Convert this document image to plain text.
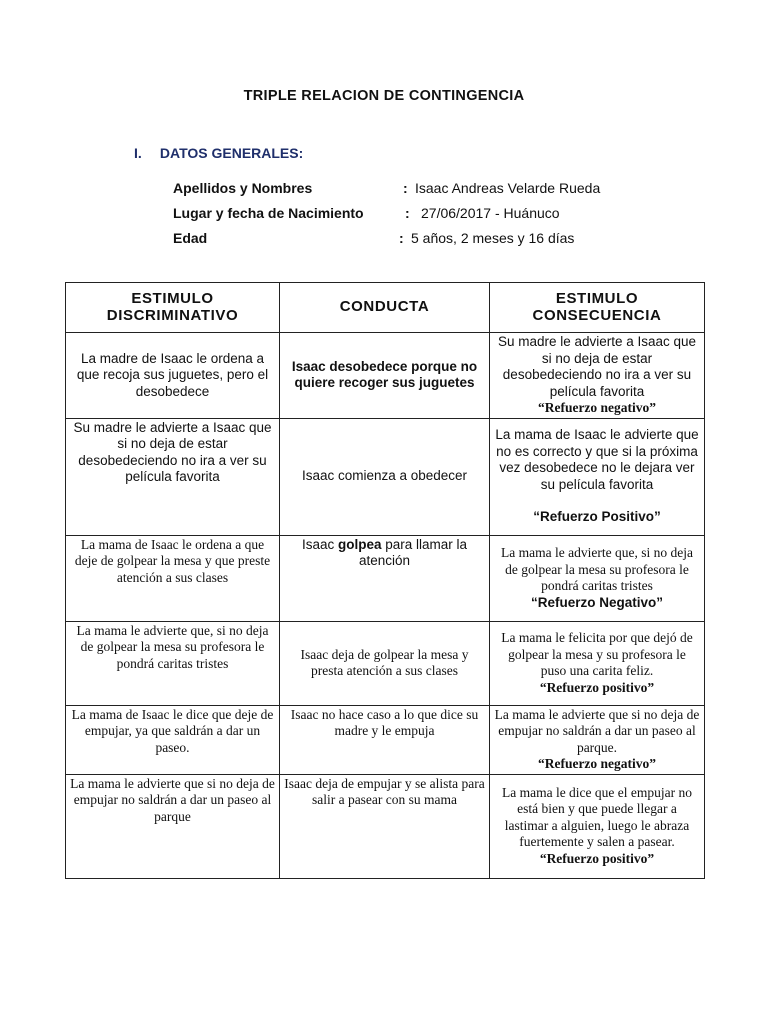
TRIPLE RELACION DE CONTINGENCIA
I. DATOS GENERALES:
Apellidos y Nombres	: Isaac Andreas Velarde Rueda
Lugar y fecha de Nacimiento	: 27/06/2017 - Huánuco
Edad	: 5 años, 2 meses y 16 días
ESTIMULO DISCRIMINATIVO	CONDUCTA	ESTIMULO CONSECUENCIA
La madre de Isaac le ordena a que recoja sus juguetes, pero el desobedece	Isaac desobedece porque no quiere recoger sus juguetes	Su madre le advierte a Isaac que si no deja de estar desobedeciendo no ira a ver su película favorita
“Refuerzo negativo”

Su madre le advierte a Isaac que si no deja de estar desobedeciendo no ira a ver su película favorita	Isaac comienza a obedecer	La mama de Isaac le advierte que no es correcto y que si la próxima vez desobedece no le dejara ver su película favorita
“Refuerzo Positivo”

La mama de Isaac le ordena a que deje de golpear la mesa y que preste atención a sus clases	Isaac golpea para llamar la atención	La mama le advierte que, si no deja de golpear la mesa su profesora le pondrá caritas tristes
“Refuerzo Negativo”

La mama le advierte que, si no deja de golpear la mesa su profesora le pondrá caritas tristes	Isaac deja de golpear la mesa y presta atención a sus clases	La mama le felicita por que dejó de golpear la mesa y su profesora le puso una carita feliz.
“Refuerzo positivo”

La mama de Isaac le dice que deje de empujar, ya que saldrán a dar un paseo.	Isaac no hace caso a lo que dice su madre y le empuja	La mama le advierte que si no deja de empujar no saldrán a dar un paseo al parque.
“Refuerzo negativo”

La mama le advierte que si no deja de empujar no saldrán a dar un paseo al parque	Isaac deja de empujar y se alista para salir a pasear con su mama	La mama le dice que el empujar no está bien y que puede llegar a lastimar a alguien, luego le abraza fuertemente y salen a pasear.
“Refuerzo positivo”
